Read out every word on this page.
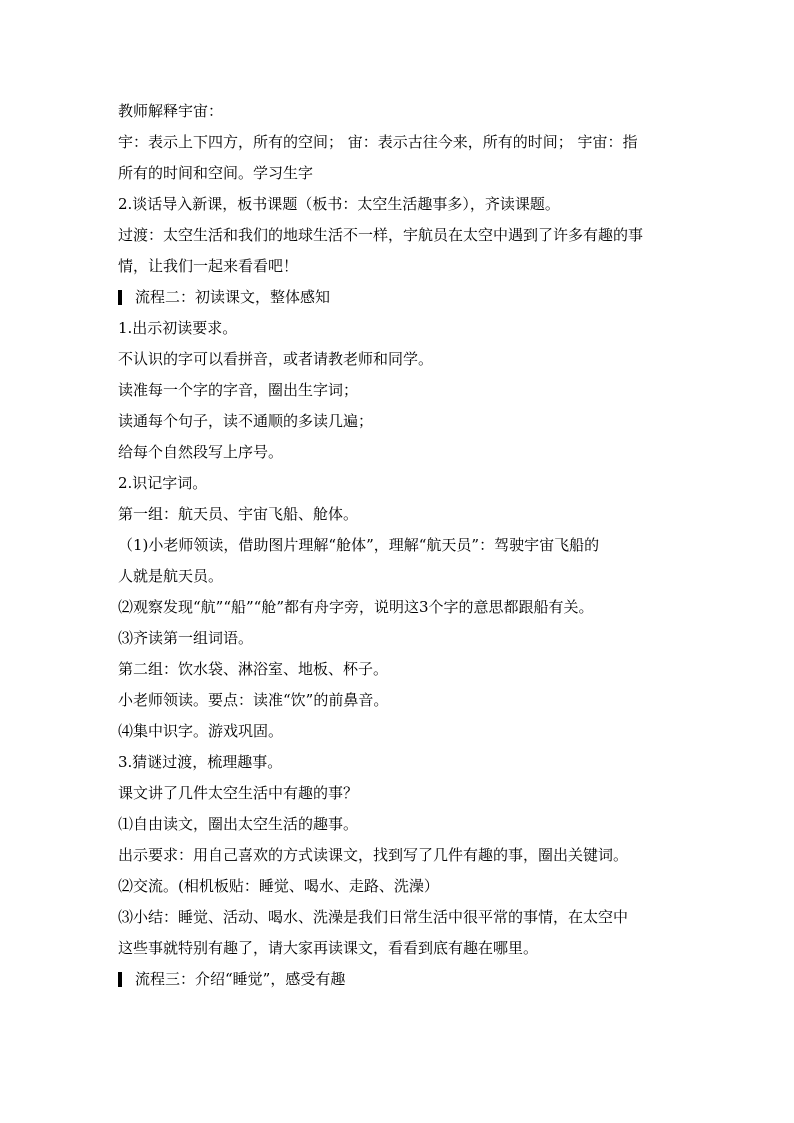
教师解释宇宙：
宇：表示上下四方，所有的空间； 宙：表示古往今来，所有的时间； 宇宙：指
所有的时间和空间。学习生字
2.谈话导入新课，板书课题（板书：太空生活趣事多），齐读课题。
过渡：太空生活和我们的地球生活不一样，宇航员在太空中遇到了许多有趣的事
情，让我们一起来看看吧！
流程二：初读课文，整体感知
1.出示初读要求。
不认识的字可以看拼音，或者请教老师和同学。
读准每一个字的字音，圈出生字词；
读通每个句子，读不通顺的多读几遍；
给每个自然段写上序号。
2.识记字词。
第一组：航天员、宇宙飞船、舱体。
（1)小老师领读，借助图片理解“舱体”，理解“航天员”：驾驶宇宙飞船的
人就是航天员。
⑵观察发现“航”“船”“舱”都有舟字旁，说明这3个字的意思都跟船有关。
⑶齐读第一组词语。
第二组：饮水袋、淋浴室、地板、杯子。
小老师领读。要点：读准“饮”的前鼻音。
⑷集中识字。游戏巩固。
3.猜谜过渡，梳理趣事。
课文讲了几件太空生活中有趣的事？
⑴自由读文，圈出太空生活的趣事。
出示要求：用自己喜欢的方式读课文，找到写了几件有趣的事，圈出关键词。
⑵交流。(相机板贴：睡觉、喝水、走路、洗澡）
⑶小结：睡觉、活动、喝水、洗澡是我们日常生活中很平常的事情，在太空中
这些事就特别有趣了，请大家再读课文，看看到底有趣在哪里。
流程三：介绍“睡觉”，感受有趣
